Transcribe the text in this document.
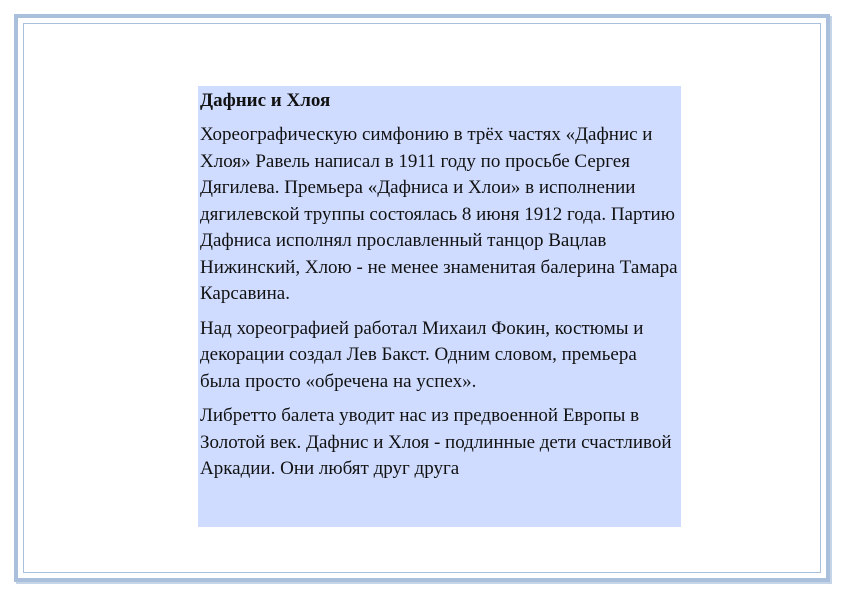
Дафнис и Хлоя

Хореографическую симфонию в трёх частях «Дафнис и Хлоя» Равель написал в 1911 году по просьбе Сергея Дягилева. Премьера «Дафниса и Хлои» в исполнении дягилевской труппы состоялась 8 июня 1912 года. Партию Дафниса исполнял прославленный танцор Вацлав Нижинский, Хлою - не менее знаменитая балерина Тамара Карсавина.

Над хореографией работал Михаил Фокин, костюмы и декорации создал Лев Бакст. Одним словом, премьера была просто «обречена на успех».

Либретто балета уводит нас из предвоенной Европы в Золотой век. Дафнис и Хлоя - подлинные дети счастливой Аркадии. Они любят друг друга
